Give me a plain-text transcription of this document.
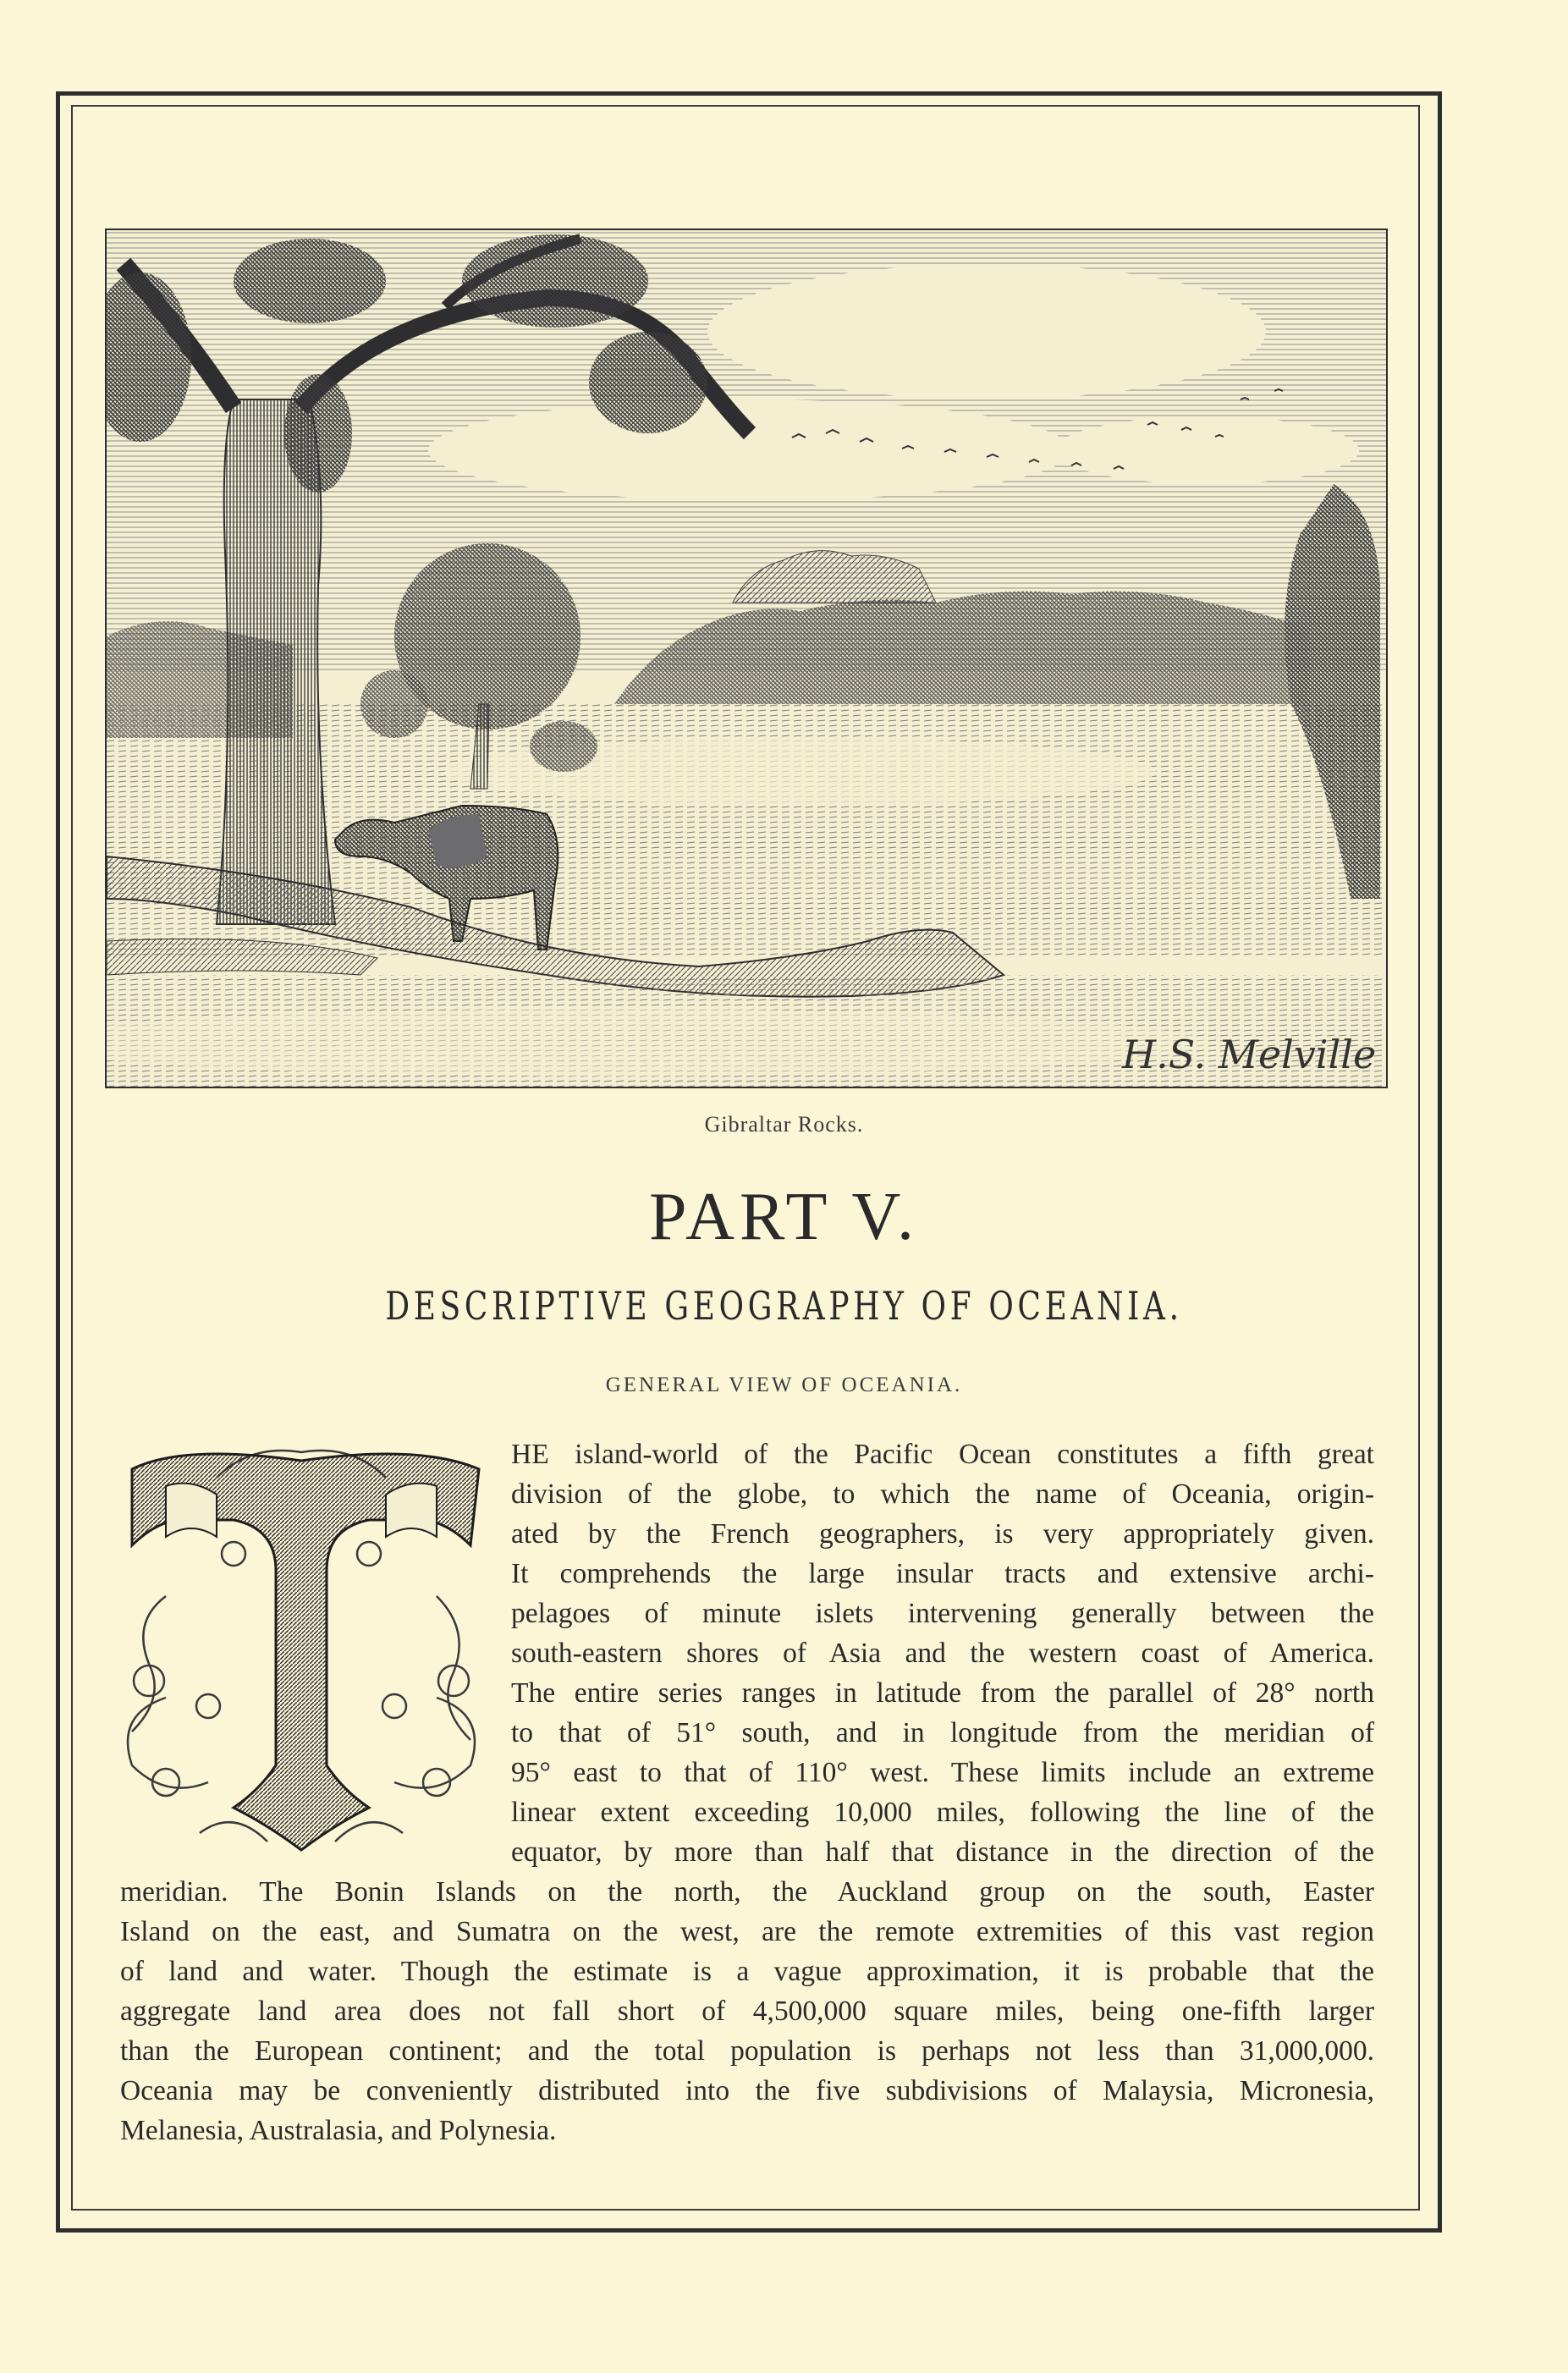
H.S. Melville
Gibraltar Rocks.
PART V.
DESCRIPTIVE GEOGRAPHY OF OCEANIA.
GENERAL VIEW OF OCEANIA.
HE island-world of the Pacific Ocean constitutes a fifth great
division of the globe, to which the name of Oceania, origin-
ated by the French geographers, is very appropriately given.
It comprehends the large insular tracts and extensive archi-
pelagoes of minute islets intervening generally between the
south-eastern shores of Asia and the western coast of America.
The entire series ranges in latitude from the parallel of 28° north
to that of 51° south, and in longitude from the meridian of
95° east to that of 110° west. These limits include an extreme
linear extent exceeding 10,000 miles, following the line of the
equator, by more than half that distance in the direction of the
meridian. The Bonin Islands on the north, the Auckland group on the south, Easter
Island on the east, and Sumatra on the west, are the remote extremities of this vast region
of land and water. Though the estimate is a vague approximation, it is probable that the
aggregate land area does not fall short of 4,500,000 square miles, being one-fifth larger
than the European continent; and the total population is perhaps not less than 31,000,000.
Oceania may be conveniently distributed into the five subdivisions of Malaysia, Micronesia,
Melanesia, Australasia, and Polynesia.
